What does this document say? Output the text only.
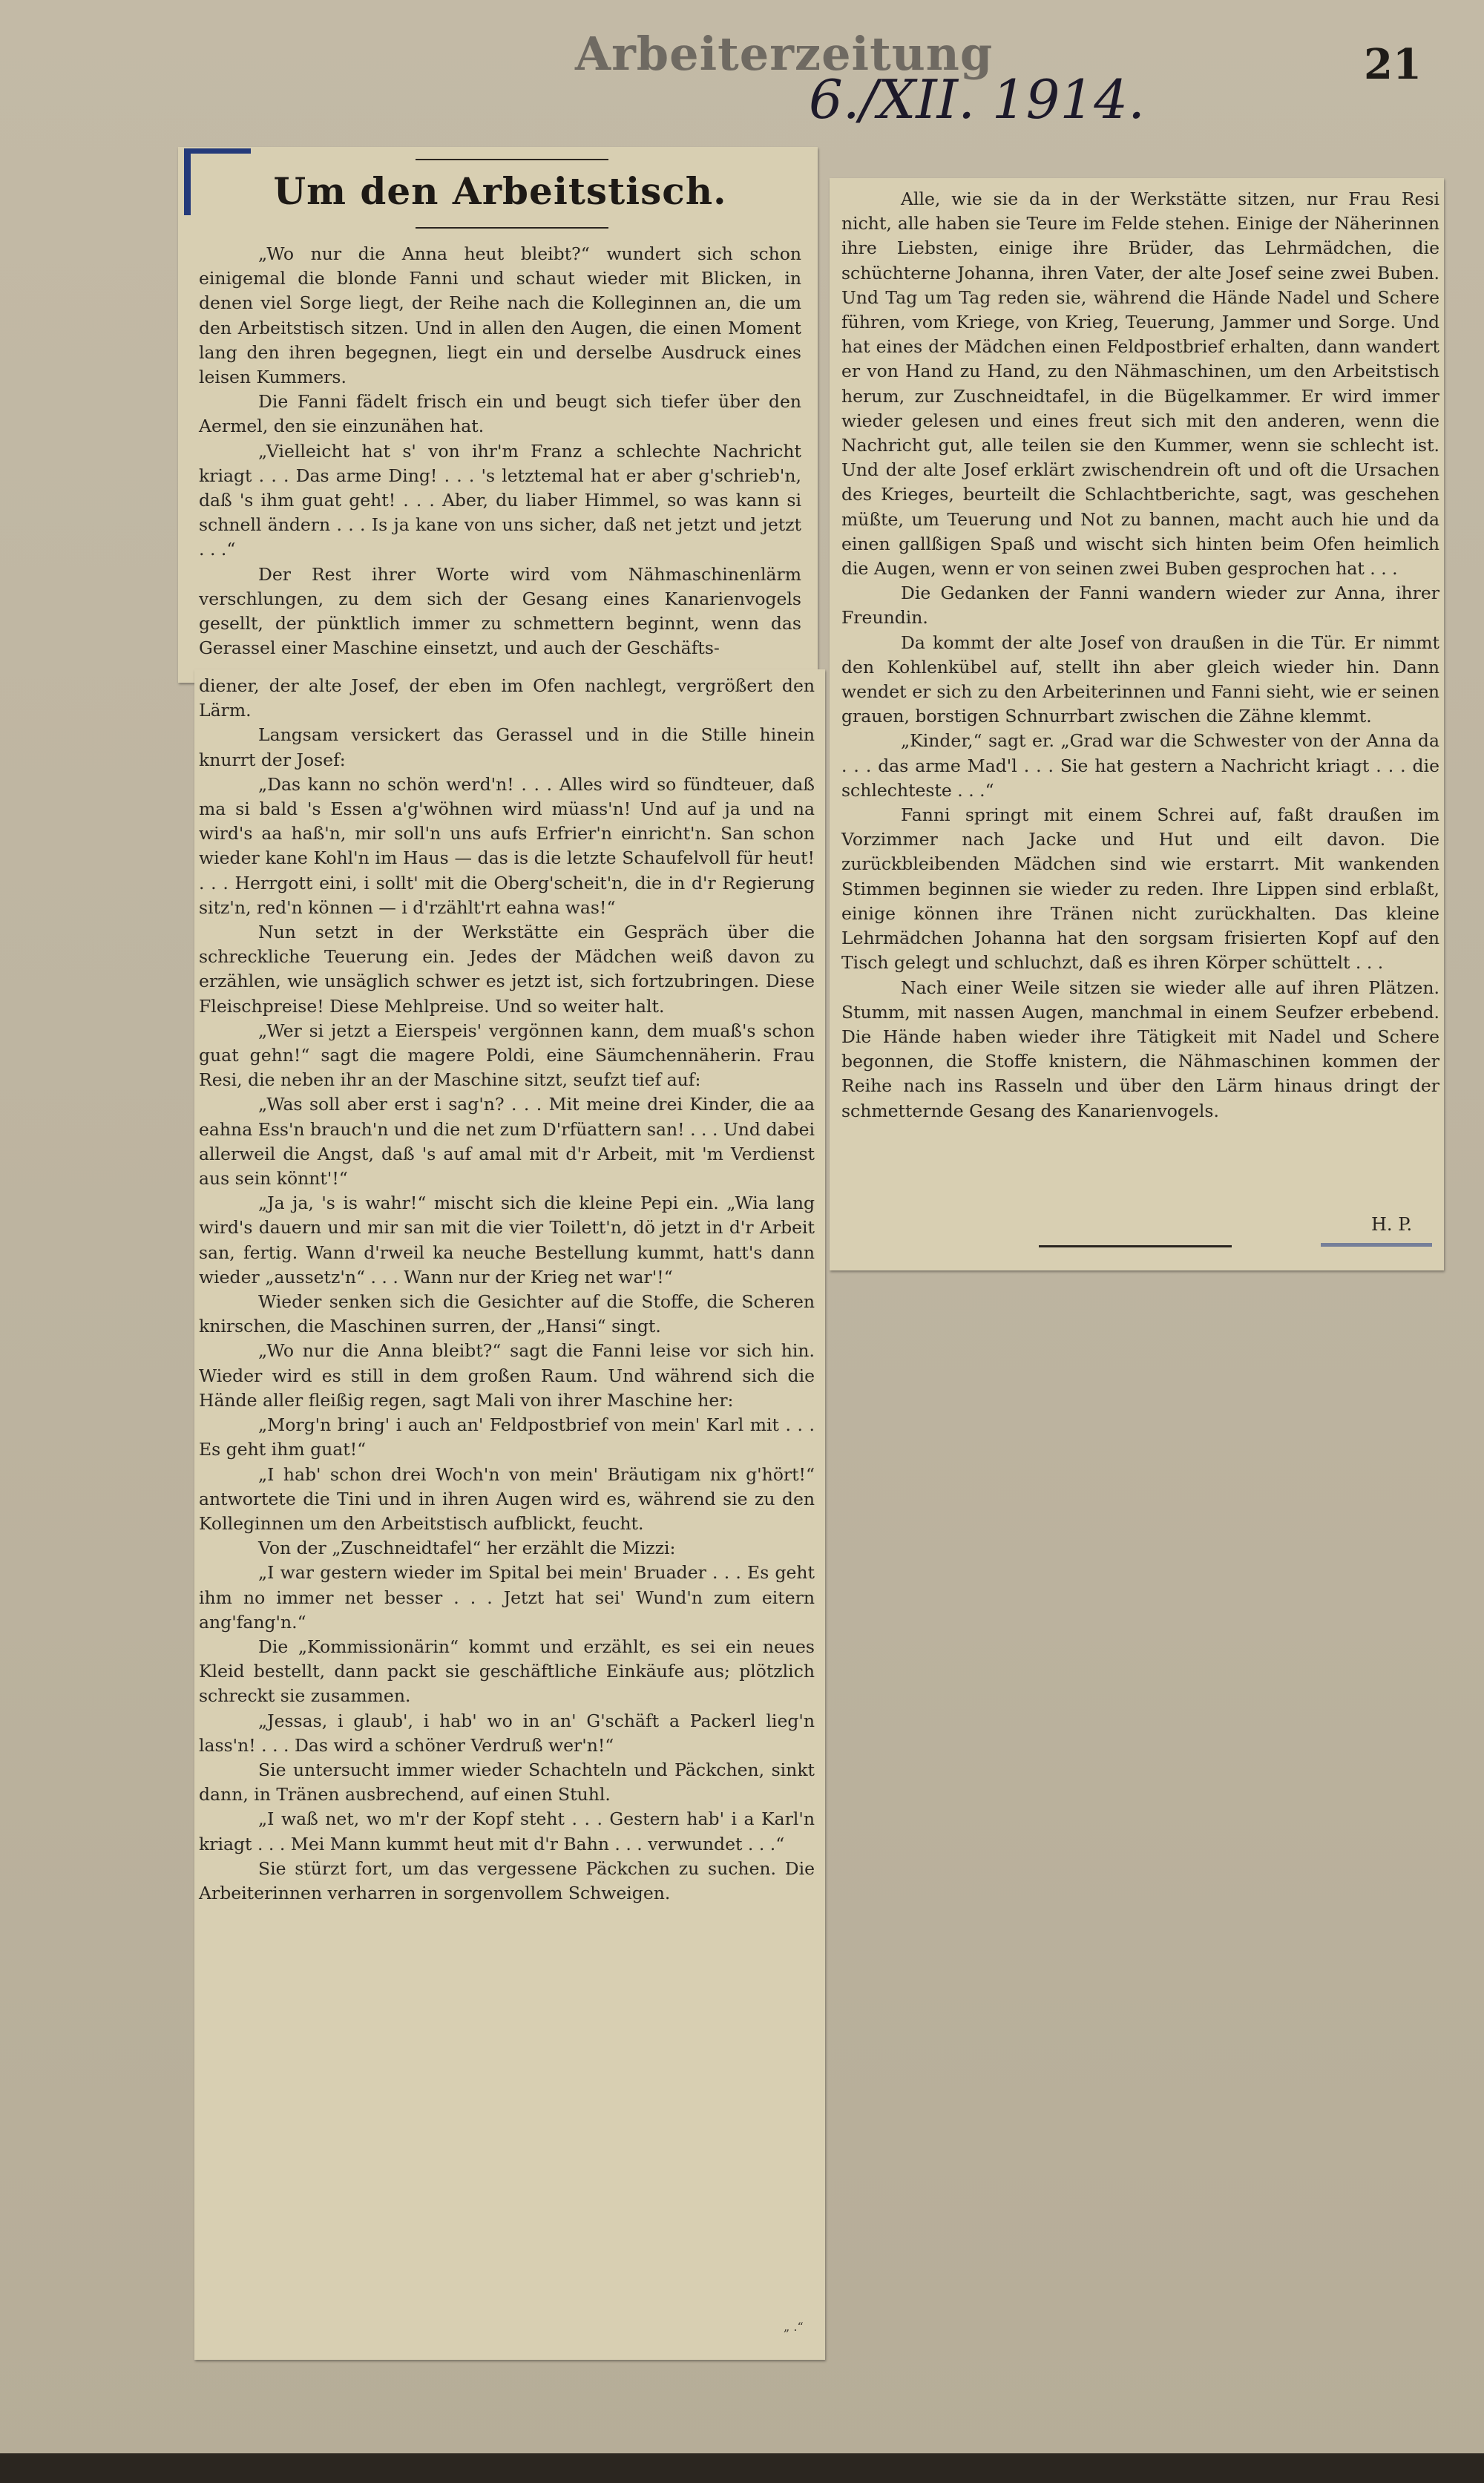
Arbeiterzeitung
6./XII. 1914.
21
Um den Arbeitstisch.

„Wo nur die Anna heut bleibt?“ wundert sich schon einigemal die blonde Fanni und schaut wieder mit Blicken, in denen viel Sorge liegt, der Reihe nach die Kolleginnen an, die um den Arbeitstisch sitzen. Und in allen den Augen, die einen Moment lang den ihren begegnen, liegt ein und derselbe Ausdruck eines leisen Kummers.

Die Fanni fädelt frisch ein und beugt sich tiefer über den Aermel, den sie einzunähen hat.

„Vielleicht hat s' von ihr'm Franz a schlechte Nachricht kriagt . . . Das arme Ding! . . . 's letztemal hat er aber g'schrieb'n, daß 's ihm guat geht! . . . Aber, du liaber Himmel, so was kann si schnell ändern . . . Is ja kane von uns sicher, daß net jetzt und jetzt . . .“

Der Rest ihrer Worte wird vom Nähmaschinenlärm verschlungen, zu dem sich der Gesang eines Kanarienvogels gesellt, der pünktlich immer zu schmettern beginnt, wenn das Gerassel einer Maschine einsetzt, und auch der Geschäfts-

diener, der alte Josef, der eben im Ofen nachlegt, vergrößert den Lärm.

Langsam versickert das Gerassel und in die Stille hinein knurrt der Josef:

„Das kann no schön werd'n! . . . Alles wird so fündteuer, daß ma si bald 's Essen a'g'wöhnen wird müass'n! Und auf ja und na wird's aa haß'n, mir soll'n uns aufs Erfrier'n einricht'n. San schon wieder kane Kohl'n im Haus — das is die letzte Schaufelvoll für heut! . . . Herrgott eini, i sollt' mit die Oberg'scheit'n, die in d'r Regierung sitz'n, red'n können — i d'rzählt'rt eahna was!“

Nun setzt in der Werkstätte ein Gespräch über die schreckliche Teuerung ein. Jedes der Mädchen weiß davon zu erzählen, wie unsäglich schwer es jetzt ist, sich fortzubringen. Diese Fleischpreise! Diese Mehlpreise. Und so weiter halt.

„Wer si jetzt a Eierspeis' vergönnen kann, dem muaß's schon guat gehn!“ sagt die magere Poldi, eine Säumchennäherin. Frau Resi, die neben ihr an der Maschine sitzt, seufzt tief auf:

„Was soll aber erst i sag'n? . . . Mit meine drei Kinder, die aa eahna Ess'n brauch'n und die net zum D'rfüattern san! . . . Und dabei allerweil die Angst, daß 's auf amal mit d'r Arbeit, mit 'm Verdienst aus sein könnt'!“

„Ja ja, 's is wahr!“ mischt sich die kleine Pepi ein. „Wia lang wird's dauern und mir san mit die vier Toilett'n, dö jetzt in d'r Arbeit san, fertig. Wann d'rweil ka neuche Bestellung kummt, hatt's dann wieder „aussetz'n“ . . . Wann nur der Krieg net war'!“

Wieder senken sich die Gesichter auf die Stoffe, die Scheren knirschen, die Maschinen surren, der „Hansi“ singt.

„Wo nur die Anna bleibt?“ sagt die Fanni leise vor sich hin. Wieder wird es still in dem großen Raum. Und während sich die Hände aller fleißig regen, sagt Mali von ihrer Maschine her:

„Morg'n bring' i auch an' Feldpostbrief von mein' Karl mit . . . Es geht ihm guat!“

„I hab' schon drei Woch'n von mein' Bräutigam nix g'hört!“ antwortete die Tini und in ihren Augen wird es, während sie zu den Kolleginnen um den Arbeitstisch aufblickt, feucht.

Von der „Zuschneidtafel“ her erzählt die Mizzi:

„I war gestern wieder im Spital bei mein' Bruader . . . Es geht ihm no immer net besser . . . Jetzt hat sei' Wund'n zum eitern ang'fang'n.“

Die „Kommissionärin“ kommt und erzählt, es sei ein neues Kleid bestellt, dann packt sie geschäftliche Einkäufe aus; plötzlich schreckt sie zusammen.

„Jessas, i glaub', i hab' wo in an' G'schäft a Packerl lieg'n lass'n! . . . Das wird a schöner Verdruß wer'n!“

Sie untersucht immer wieder Schachteln und Päckchen, sinkt dann, in Tränen ausbrechend, auf einen Stuhl.

„I waß net, wo m'r der Kopf steht . . . Gestern hab' i a Karl'n kriagt . . . Mei Mann kummt heut mit d'r Bahn . . . verwundet . . .“

Sie stürzt fort, um das vergessene Päckchen zu suchen. Die Arbeiterinnen verharren in sorgenvollem Schweigen.

„ .“

Alle, wie sie da in der Werkstätte sitzen, nur Frau Resi nicht, alle haben sie Teure im Felde stehen. Einige der Näherinnen ihre Liebsten, einige ihre Brüder, das Lehrmädchen, die schüchterne Johanna, ihren Vater, der alte Josef seine zwei Buben. Und Tag um Tag reden sie, während die Hände Nadel und Schere führen, vom Kriege, von Krieg, Teuerung, Jammer und Sorge. Und hat eines der Mädchen einen Feldpostbrief erhalten, dann wandert er von Hand zu Hand, zu den Nähmaschinen, um den Arbeitstisch herum, zur Zuschneidtafel, in die Bügelkammer. Er wird immer wieder gelesen und eines freut sich mit den anderen, wenn die Nachricht gut, alle teilen sie den Kummer, wenn sie schlecht ist. Und der alte Josef erklärt zwischendrein oft und oft die Ursachen des Krieges, beurteilt die Schlachtberichte, sagt, was geschehen müßte, um Teuerung und Not zu bannen, macht auch hie und da einen gallßigen Spaß und wischt sich hinten beim Ofen heimlich die Augen, wenn er von seinen zwei Buben gesprochen hat . . .

Die Gedanken der Fanni wandern wieder zur Anna, ihrer Freundin.

Da kommt der alte Josef von draußen in die Tür. Er nimmt den Kohlenkübel auf, stellt ihn aber gleich wieder hin. Dann wendet er sich zu den Arbeiterinnen und Fanni sieht, wie er seinen grauen, borstigen Schnurrbart zwischen die Zähne klemmt.

„Kinder,“ sagt er. „Grad war die Schwester von der Anna da . . . das arme Mad'l . . . Sie hat gestern a Nachricht kriagt . . . die schlechteste . . .“

Fanni springt mit einem Schrei auf, faßt draußen im Vorzimmer nach Jacke und Hut und eilt davon. Die zurückbleibenden Mädchen sind wie erstarrt. Mit wankenden Stimmen beginnen sie wieder zu reden. Ihre Lippen sind erblaßt, einige können ihre Tränen nicht zurückhalten. Das kleine Lehrmädchen Johanna hat den sorgsam frisierten Kopf auf den Tisch gelegt und schluchzt, daß es ihren Körper schüttelt . . .

Nach einer Weile sitzen sie wieder alle auf ihren Plätzen. Stumm, mit nassen Augen, manchmal in einem Seufzer erbebend. Die Hände haben wieder ihre Tätigkeit mit Nadel und Schere begonnen, die Stoffe knistern, die Nähmaschinen kommen der Reihe nach ins Rasseln und über den Lärm hinaus dringt der schmetternde Gesang des Kanarienvogels.

H. P.
